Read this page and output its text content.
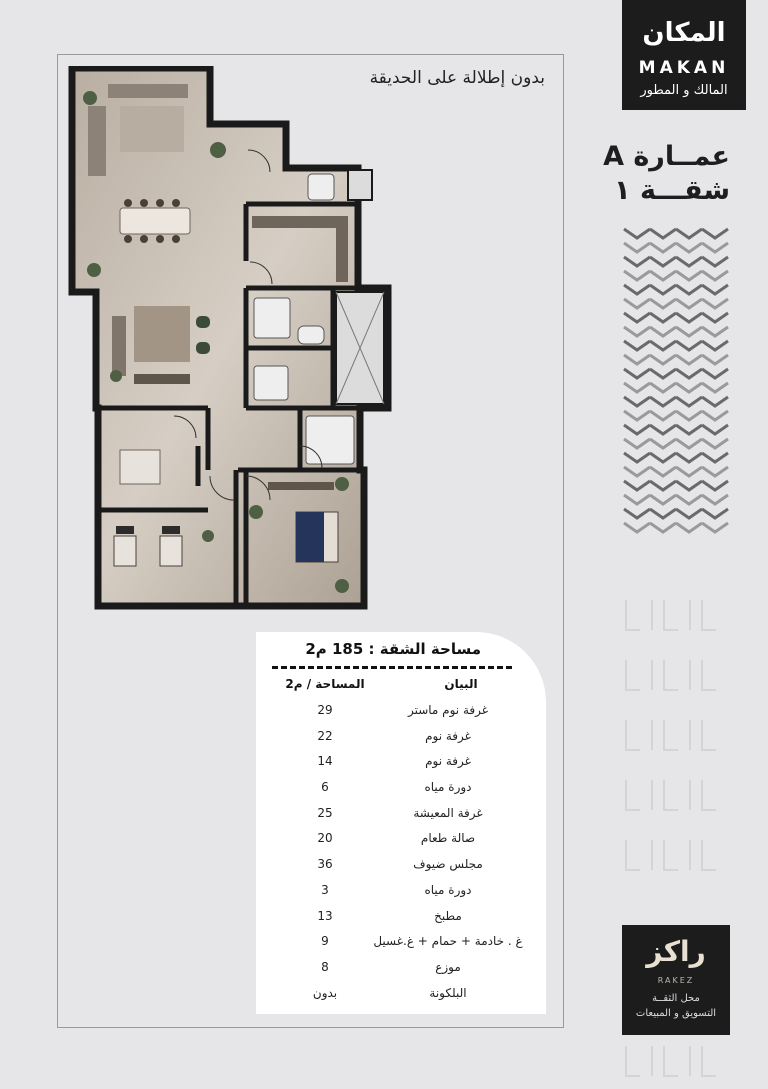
بدون إطلالة على الحديقة
مساحة الشقة : 185 م2
البيان
المساحة / م2
غرفة نوم ماستر
29
غرفة نوم
22
غرفة نوم
14
دورة مياه
6
غرفة المعيشة
25
صالة طعام
20
مجلس ضيوف
36
دورة مياه
3
مطبخ
13
غ . خادمة + حمام + غ.غسيل
9
موزع
8
البلكونة
بدون
المكان
MAKAN
المالك و المطور
عمــارة A
شقـــة ١
راكز
RAKEZ
محل الثقــة
التسويق و المبيعات
